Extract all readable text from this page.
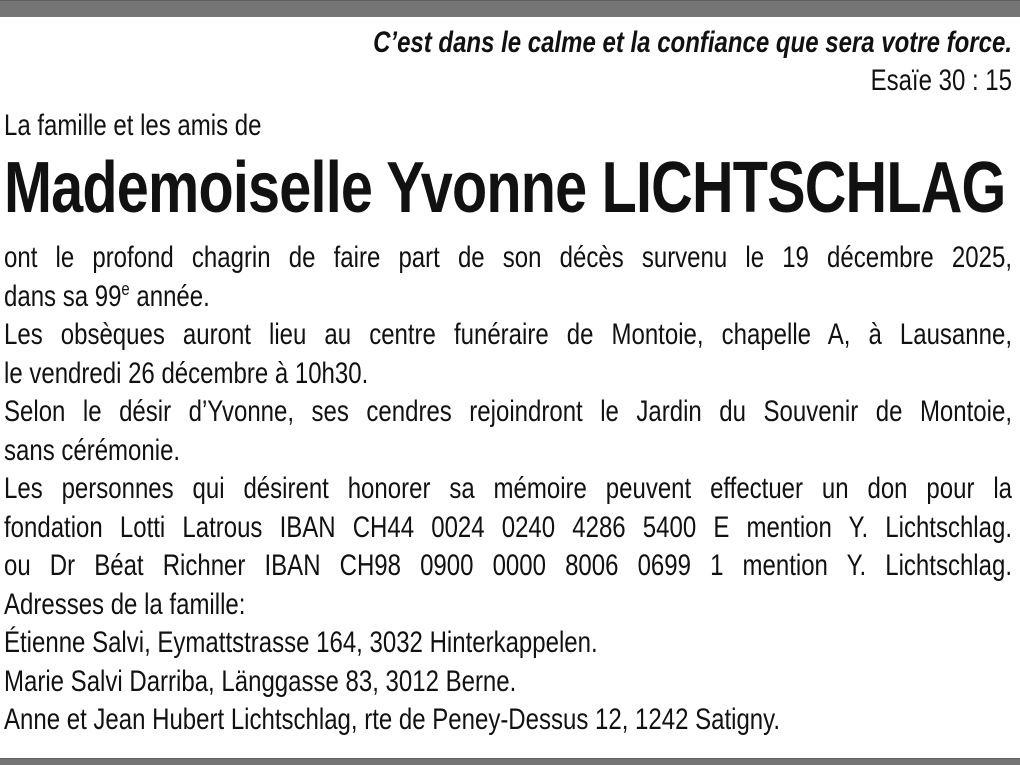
C’est dans le calme et la confiance que sera votre force.
Esaïe 30 : 15
La famille et les amis de
Mademoiselle Yvonne LICHTSCHLAG
ont le profond chagrin de faire part de son décès survenu le 19 décembre 2025,
dans sa 99e année.
Les obsèques auront lieu au centre funéraire de Montoie, chapelle A, à Lausanne,
le vendredi 26 décembre à 10h30.
Selon le désir d’Yvonne, ses cendres rejoindront le Jardin du Souvenir de Montoie,
sans cérémonie.
Les personnes qui désirent honorer sa mémoire peuvent effectuer un don pour la
fondation Lotti Latrous IBAN CH44 0024 0240 4286 5400 E mention Y. Lichtschlag.
ou Dr Béat Richner IBAN CH98 0900 0000 8006 0699 1 mention Y. Lichtschlag.
Adresses de la famille:
Étienne Salvi, Eymattstrasse 164, 3032 Hinterkappelen.
Marie Salvi Darriba, Länggasse 83, 3012 Berne.
Anne et Jean Hubert Lichtschlag, rte de Peney-Dessus 12, 1242 Satigny.
